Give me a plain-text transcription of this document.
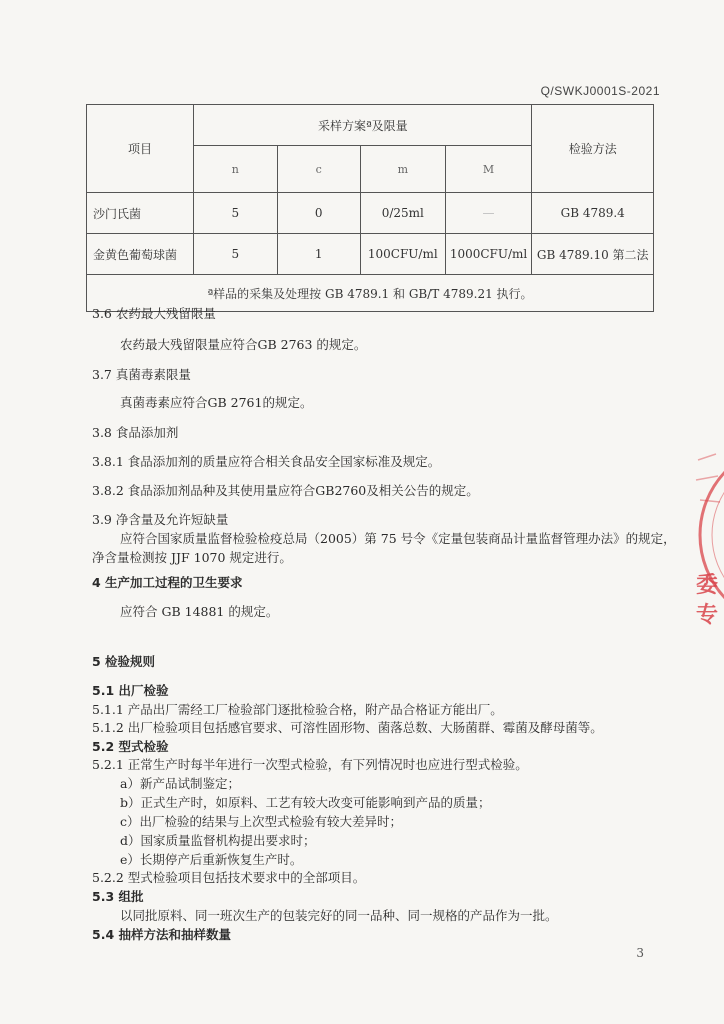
Q/SWKJ0001S-2021
项目	采样方案ª及限量				检验方法
	n	c	m	M	
沙门氏菌	5	0	0/25ml	—	GB 4789.4
金黄色葡萄球菌	5	1	100CFU/ml	1000CFU/ml	GB 4789.10 第二法
ª样品的采集及处理按 GB 4789.1 和 GB/T 4789.21 执行。					
3.6 农药最大残留限量
农药最大残留限量应符合GB 2763 的规定。
3.7 真菌毒素限量
真菌毒素应符合GB 2761的规定。
3.8 食品添加剂
3.8.1 食品添加剂的质量应符合相关食品安全国家标准及规定。
3.8.2 食品添加剂品种及其使用量应符合GB2760及相关公告的规定。
3.9 净含量及允许短缺量
应符合国家质量监督检验检疫总局（2005）第 75 号令《定量包装商品计量监督管理办法》的规定，
净含量检测按 JJF 1070 规定进行。
4 生产加工过程的卫生要求
应符合 GB 14881 的规定。
5 检验规则
5.1 出厂检验
5.1.1 产品出厂需经工厂检验部门逐批检验合格，附产品合格证方能出厂。
5.1.2 出厂检验项目包括感官要求、可溶性固形物、菌落总数、大肠菌群、霉菌及酵母菌等。
5.2 型式检验
5.2.1 正常生产时每半年进行一次型式检验，有下列情况时也应进行型式检验。
a）新产品试制鉴定；
b）正式生产时，如原料、工艺有较大改变可能影响到产品的质量；
c）出厂检验的结果与上次型式检验有较大差异时；
d）国家质量监督机构提出要求时；
e）长期停产后重新恢复生产时。
5.2.2 型式检验项目包括技术要求中的全部项目。
5.3 组批
以同批原料、同一班次生产的包装完好的同一品种、同一规格的产品作为一批。
5.4 抽样方法和抽样数量
3
委
专
